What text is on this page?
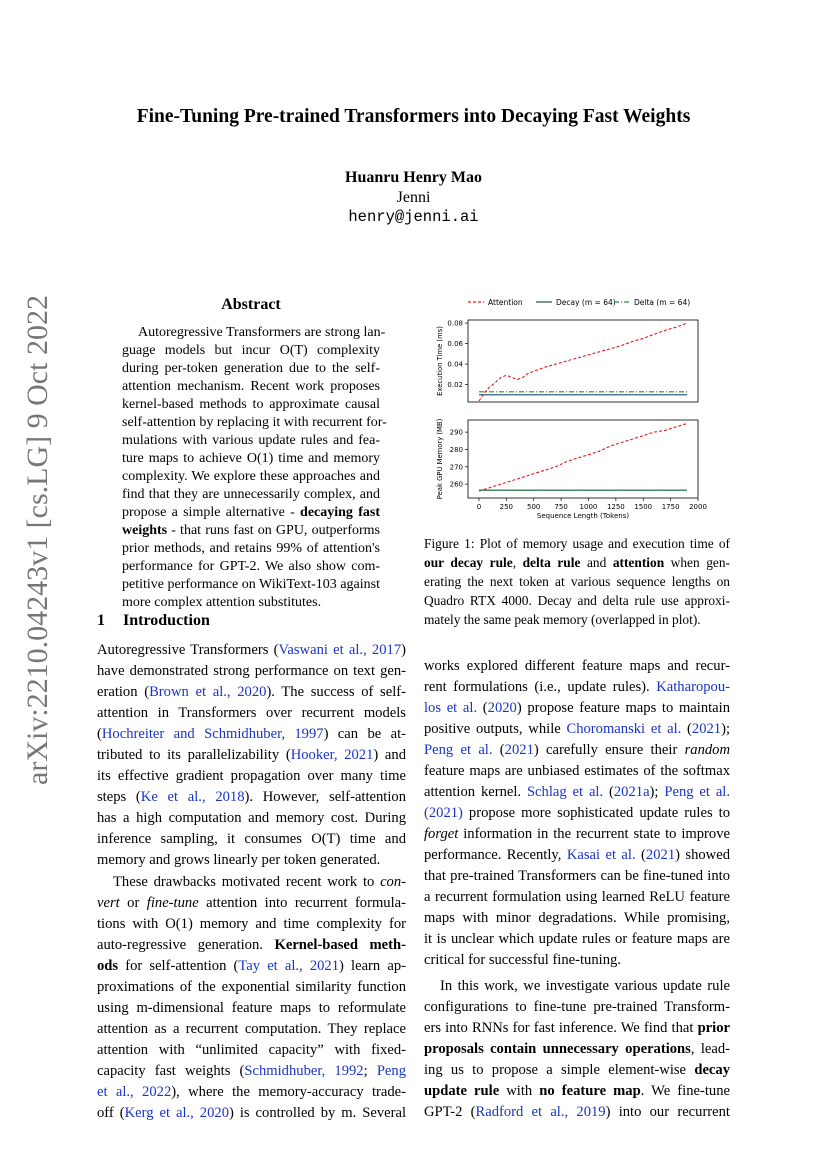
arXiv:2210.04243v1 [cs.LG] 9 Oct 2022
Fine-Tuning Pre-trained Transformers into Decaying Fast Weights
Huanru Henry Mao
Jenni
henry@jenni.ai
Abstract
Autoregressive Transformers are strong lan-
guage models but incur O(T) complexity
during per-token generation due to the self-
attention mechanism. Recent work proposes
kernel-based methods to approximate causal
self-attention by replacing it with recurrent for-
mulations with various update rules and fea-
ture maps to achieve O(1) time and memory
complexity. We explore these approaches and
find that they are unnecessarily complex, and
propose a simple alternative - decaying fast
weights - that runs fast on GPU, outperforms
prior methods, and retains 99% of attention's
performance for GPT-2. We also show com-
petitive performance on WikiText-103 against
more complex attention substitutes.
1 Introduction
Autoregressive Transformers (Vaswani et al., 2017)
have demonstrated strong performance on text gen-
eration (Brown et al., 2020). The success of self-
attention in Transformers over recurrent models
(Hochreiter and Schmidhuber, 1997) can be at-
tributed to its parallelizability (Hooker, 2021) and
its effective gradient propagation over many time
steps (Ke et al., 2018). However, self-attention
has a high computation and memory cost. During
inference sampling, it consumes O(T) time and
memory and grows linearly per token generated.
These drawbacks motivated recent work to con-
vert or fine-tune attention into recurrent formula-
tions with O(1) memory and time complexity for
auto-regressive generation. Kernel-based meth-
ods for self-attention (Tay et al., 2021) learn ap-
proximations of the exponential similarity function
using m-dimensional feature maps to reformulate
attention as a recurrent computation. They replace
attention with “unlimited capacity” with fixed-
capacity fast weights (Schmidhuber, 1992; Peng
et al., 2022), where the memory-accuracy trade-
off (Kerg et al., 2020) is controlled by m. Several
Attention	Decay (m = 64) Delta (m = 64)
0.02
0.04
0.06
0.08
Execution Time (ms)
260
270
280
290
0	250 500 750 1000 1250 1500 1750 2000
Peak GPU Memory (MB)
Sequence Length (Tokens)
Figure 1: Plot of memory usage and execution time of
our decay rule, delta rule and attention when gen-
erating the next token at various sequence lengths on
Quadro RTX 4000. Decay and delta rule use approxi-
mately the same peak memory (overlapped in plot).
works explored different feature maps and recur-
rent formulations (i.e., update rules). Katharopou-
los et al. (2020) propose feature maps to maintain
positive outputs, while Choromanski et al. (2021);
Peng et al. (2021) carefully ensure their random
feature maps are unbiased estimates of the softmax
attention kernel. Schlag et al. (2021a); Peng et al.
(2021) propose more sophisticated update rules to
forget information in the recurrent state to improve
performance. Recently, Kasai et al. (2021) showed
that pre-trained Transformers can be fine-tuned into
a recurrent formulation using learned ReLU feature
maps with minor degradations. While promising,
it is unclear which update rules or feature maps are
critical for successful fine-tuning.
In this work, we investigate various update rule
configurations to fine-tune pre-trained Transform-
ers into RNNs for fast inference. We find that prior
proposals contain unnecessary operations, lead-
ing us to propose a simple element-wise decay
update rule with no feature map. We fine-tune
GPT-2 (Radford et al., 2019) into our recurrent
